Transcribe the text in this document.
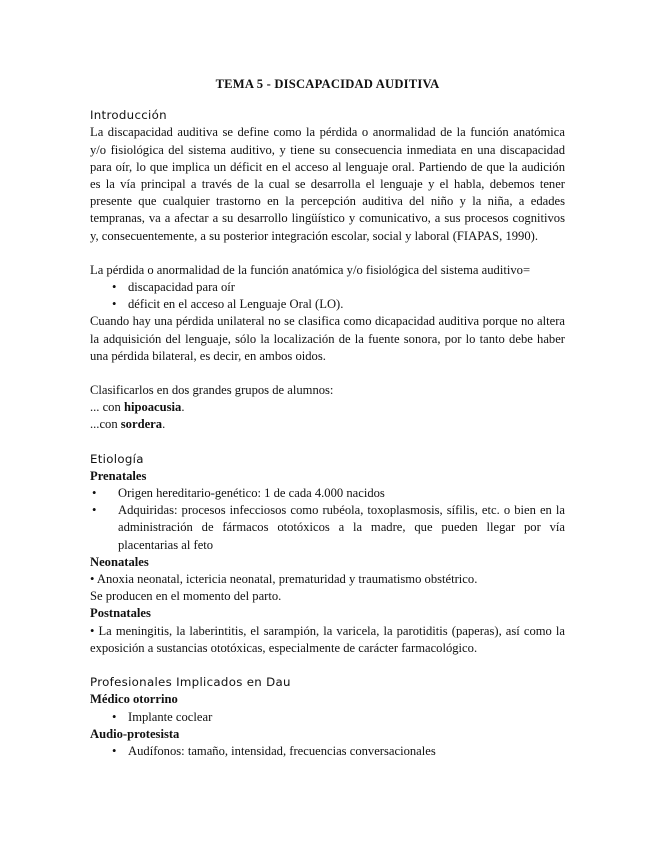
TEMA 5 - DISCAPACIDAD AUDITIVA
Introducción

La discapacidad auditiva se define como la pérdida o anormalidad de la función anatómica y/o fisiológica del sistema auditivo, y tiene su consecuencia inmediata en una discapacidad para oír, lo que implica un déficit en el acceso al lenguaje oral. Partiendo de que la audición es la vía principal a través de la cual se desarrolla el lenguaje y el habla, debemos tener presente que cualquier trastorno en la percepción auditiva del niño y la niña, a edades tempranas, va a afectar a su desarrollo lingüístico y comunicativo, a sus procesos cognitivos y, consecuentemente, a su posterior integración escolar, social y laboral (FIAPAS, 1990).

La pérdida o anormalidad de la función anatómica y/o fisiológica del sistema auditivo=

• discapacidad para oír
• déficit en el acceso al Lenguaje Oral (LO).

Cuando hay una pérdida unilateral no se clasifica como dicapacidad auditiva porque no altera la adquisición del lenguaje, sólo la localización de la fuente sonora, por lo tanto debe haber una pérdida bilateral, es decir, en ambos oidos.

Clasificarlos en dos grandes grupos de alumnos:

... con hipoacusia.

...con sordera.

Etiología
Prenatales
• Origen hereditario-genético: 1 de cada 4.000 nacidos
• Adquiridas: procesos infecciosos como rubéola, toxoplasmosis, sífilis, etc. o bien en la administración de fármacos ototóxicos a la madre, que pueden llegar por vía placentarias al feto
Neonatales

• Anoxia neonatal, ictericia neonatal, prematuridad y traumatismo obstétrico.

Se producen en el momento del parto.

Postnatales

• La meningitis, la laberintitis, el sarampión, la varicela, la parotiditis (paperas), así como la exposición a sustancias ototóxicas, especialmente de carácter farmacológico.

Profesionales Implicados en Dau
Médico otorrino
• Implante coclear
Audio-protesista
• Audífonos: tamaño, intensidad, frecuencias conversacionales
